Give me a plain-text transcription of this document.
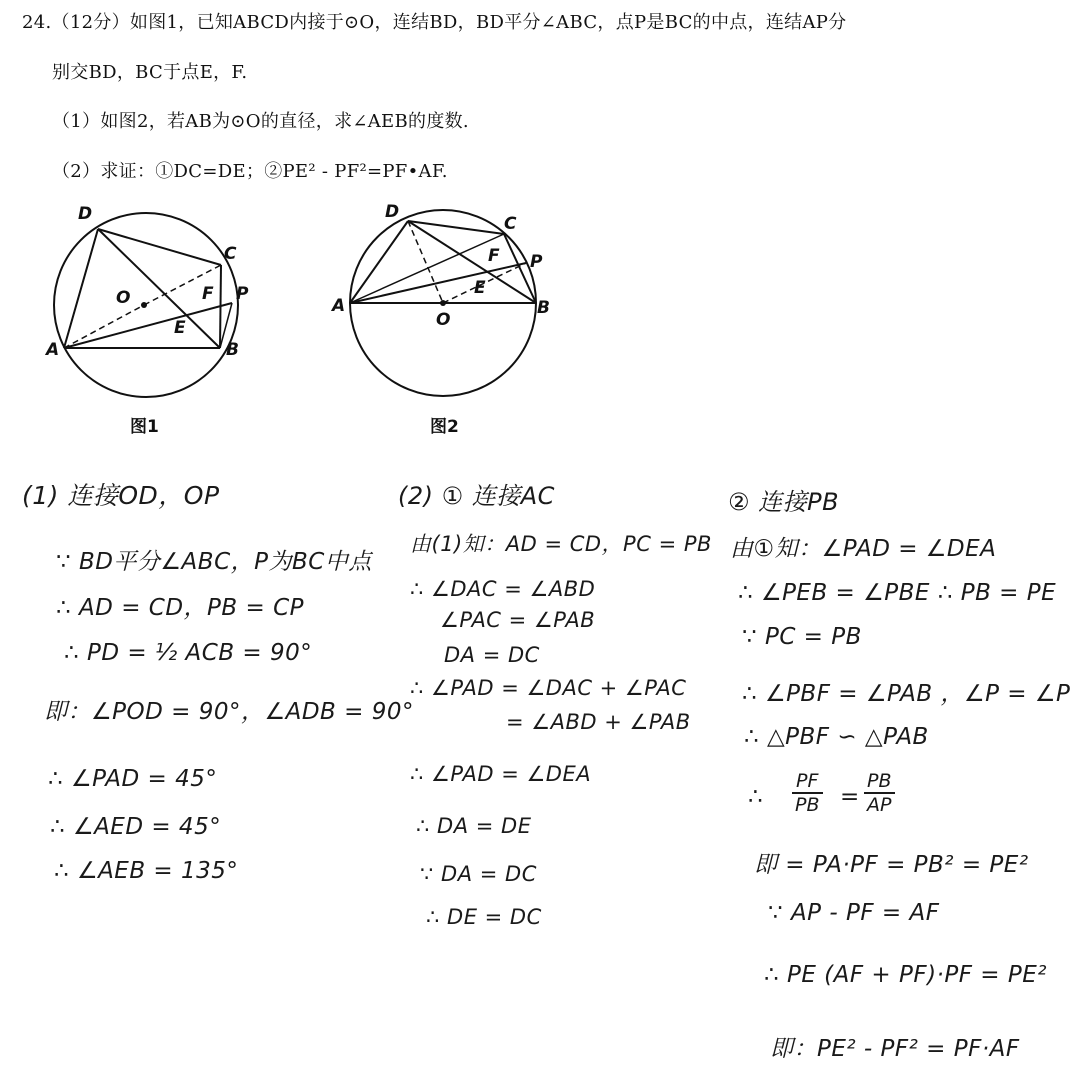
24.（12分）如图1，已知ABCD内接于⊙O，连结BD，BD平分∠ABC，点P是BC的中点，连结AP分
别交BD，BC于点E，F.
（1）如图2，若AB为⊙O的直径，求∠AEB的度数.
（2）求证：①DC=DE；②PE² - PF²=PF•AF.
D
C
O	F P
E
A	B
图1
D
C
F P
E
A
O
B
图2
(1) 连接OD，OP
∵ BD平分∠ABC，P为BC中点
∴ AD = CD，PB = CP
∴ PD = ½ ACB = 90°
即：∠POD = 90°，∠ADB = 90°
∴ ∠PAD = 45°
∴ ∠AED = 45°
∴ ∠AEB = 135°
(2) ① 连接AC
由(1)知：AD = CD，PC = PB
∴ ∠DAC = ∠ABD
∠PAC = ∠PAB
DA = DC
∴ ∠PAD = ∠DAC + ∠PAC
= ∠ABD + ∠PAB
∴ ∠PAD = ∠DEA
∴ DA = DE
∵ DA = DC
∴ DE = DC
② 连接PB
由①知：∠PAD = ∠DEA
∴ ∠PEB = ∠PBE ∴ PB = PE
∵ PC = PB
∴ ∠PBF = ∠PAB ，∠P = ∠P
∴ △PBF ∽ △PAB
∴ $\frac{PF}{PB} = \frac{PB}{AP}$
即 = PA·PF = PB² = PE²
∵ AP - PF = AF
∴ PE (AF + PF)·PF = PE²
即：PE² - PF² = PF·AF
